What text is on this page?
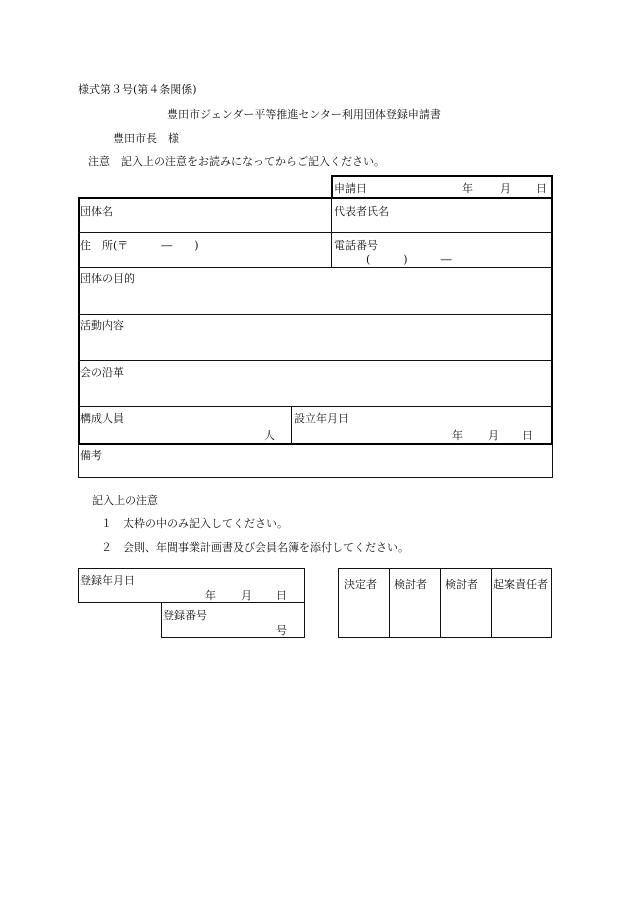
様式第３号(第４条関係)
豊田市ジェンダー平等推進センター利用団体登録申請書
豊田市長　様
注意　記入上の注意をお読みになってからご記入ください。
申請日	年 月 日
団体名	代表者氏名
住　所(〒　　　―　　)	電話番号
(　　　)　　　―
団体の目的
活動内容
会の沿革
構成人員
人
設立年月日
年 月 日
備考
記入上の注意
１　太枠の中のみ記入してください。
２　会則、年間事業計画書及び会員名簿を添付してください。
登録年月日
年 月 日
登録番号
号
決定者 検討者 検討者 起案責任者
